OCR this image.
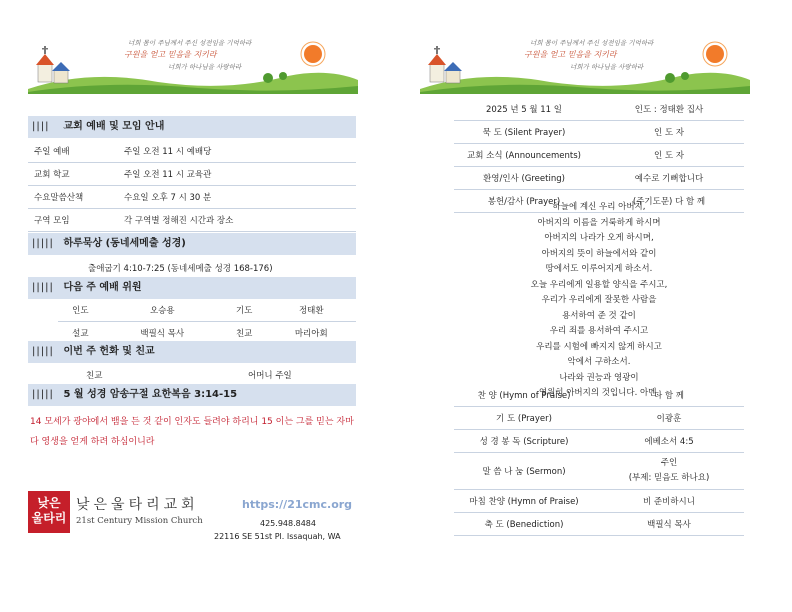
너희 몸이 주님께서 주신 성전임을 기억하라
구원을 얻고 믿음을 지키라
너희가 하나님을 사랑하라
|||| 교회 예배 및 모임 안내
주일 예배	주일 오전 11 시 예배당
교회 학교	주일 오전 11 시 교육관
수요말씀산책	수요일 오후 7 시 30 분
구역 모임	각 구역별 정해진 시간과 장소
||||| 하루묵상 (동네세메출 성경)
출애굽기 4:10-7:25 (동네세메출 성경 168-176)
||||| 다음 주 예배 위원
인도	오승용	기도	정태환
설교	백필식 목사	친교	마리아회
||||| 이번 주 헌화 및 친교
친교	어머니 주일
||||| 5 월 성경 암송구절 요한복음 3:14-15
14 모세가 광야에서 뱀을 든 것 같이 인자도 들려야 하리니 15 이는 그를 믿는 자마다 영생을 얻게 하려 하심이니라
낮은
울타리
낮은울타리교회
21st Century Mission Church
https://21cmc.org
425.948.8484
22116 SE 51st Pl. Issaquah, WA
너희 몸이 주님께서 주신 성전임을 기억하라
구원을 얻고 믿음을 지키라
너희가 하나님을 사랑하라
2025 년 5 월 11 일	인도 : 정태환 집사
묵 도 (Silent Prayer)	인 도 자
교회 소식 (Announcements)	인 도 자
환영/인사 (Greeting)	예수로 기뻐합니다
봉헌/감사 (Prayer)	(주기도문) 다 함 께
하늘에 계신 우리 아버지,
아버지의 이름을 거룩하게 하시며
아버지의 나라가 오게 하시며,
아버지의 뜻이 하늘에서와 같이
땅에서도 이루어지게 하소서.
오늘 우리에게 일용할 양식을 주시고,
우리가 우리에게 잘못한 사람을
용서하여 준 것 같이
우리 죄를 용서하여 주시고
우리를 시험에 빠지지 않게 하시고
악에서 구하소서.
나라와 권능과 영광이
영원히 아버지의 것입니다. 아멘.
찬 양 (Hymn of Praise)	다 함 께
기 도 (Prayer)	이광훈
성 경 봉 독 (Scripture)	에베소서 4:5
말 씀 나 눔 (Sermon)	주인
(부제: 믿음도 하나요)

마침 찬양 (Hymn of Praise)	비 준비하시니
축 도 (Benediction)	백필식 목사
